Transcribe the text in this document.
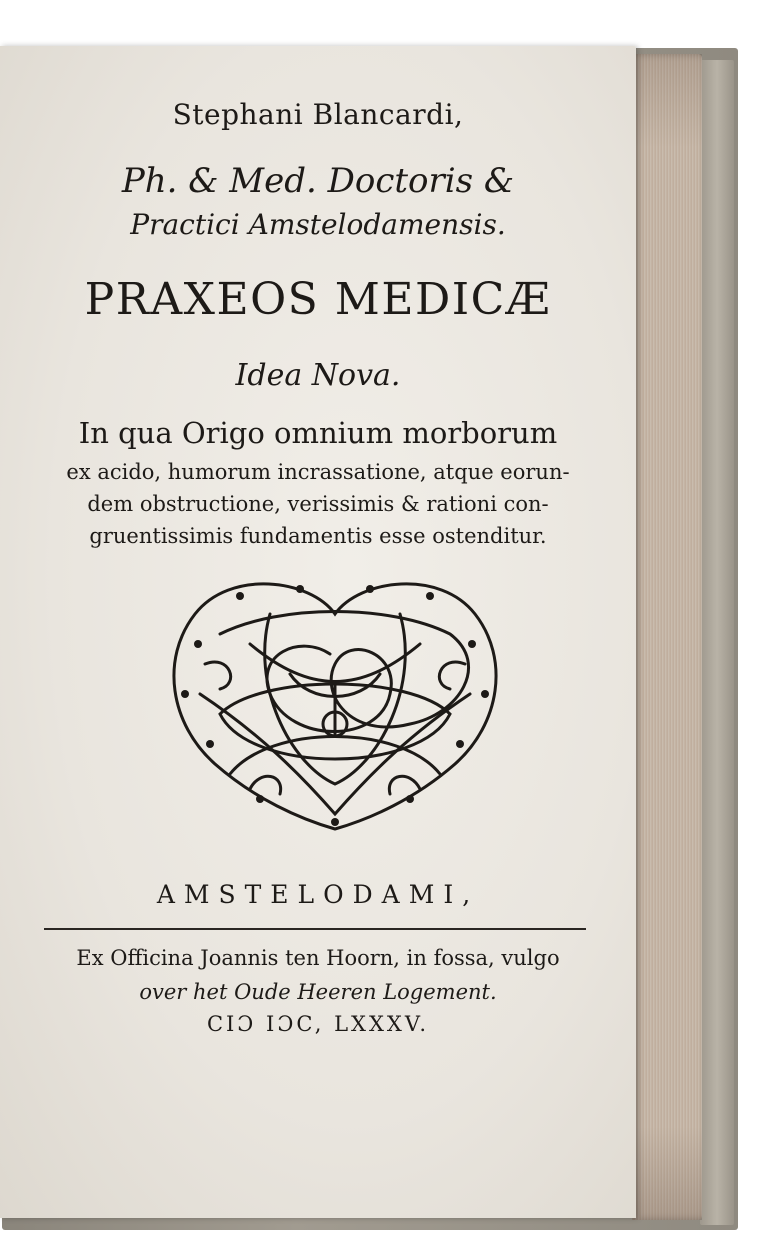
Stephani Blancardi,
Ph. & Med. Doctoris &
Practici Amstelodamensis.
PRAXEOS MEDICÆ
Idea Nova.
In qua Origo omnium morborum
ex acido, humorum incrassatione, atque eorun-
dem obstructione, verissimis & rationi con-
gruentissimis fundamentis esse ostenditur.
AMSTELODAMI,
Ex Officina Joannis ten Hoorn, in fossa, vulgo
over het Oude Heeren Logement.
CIƆ IƆC, LXXXV.
